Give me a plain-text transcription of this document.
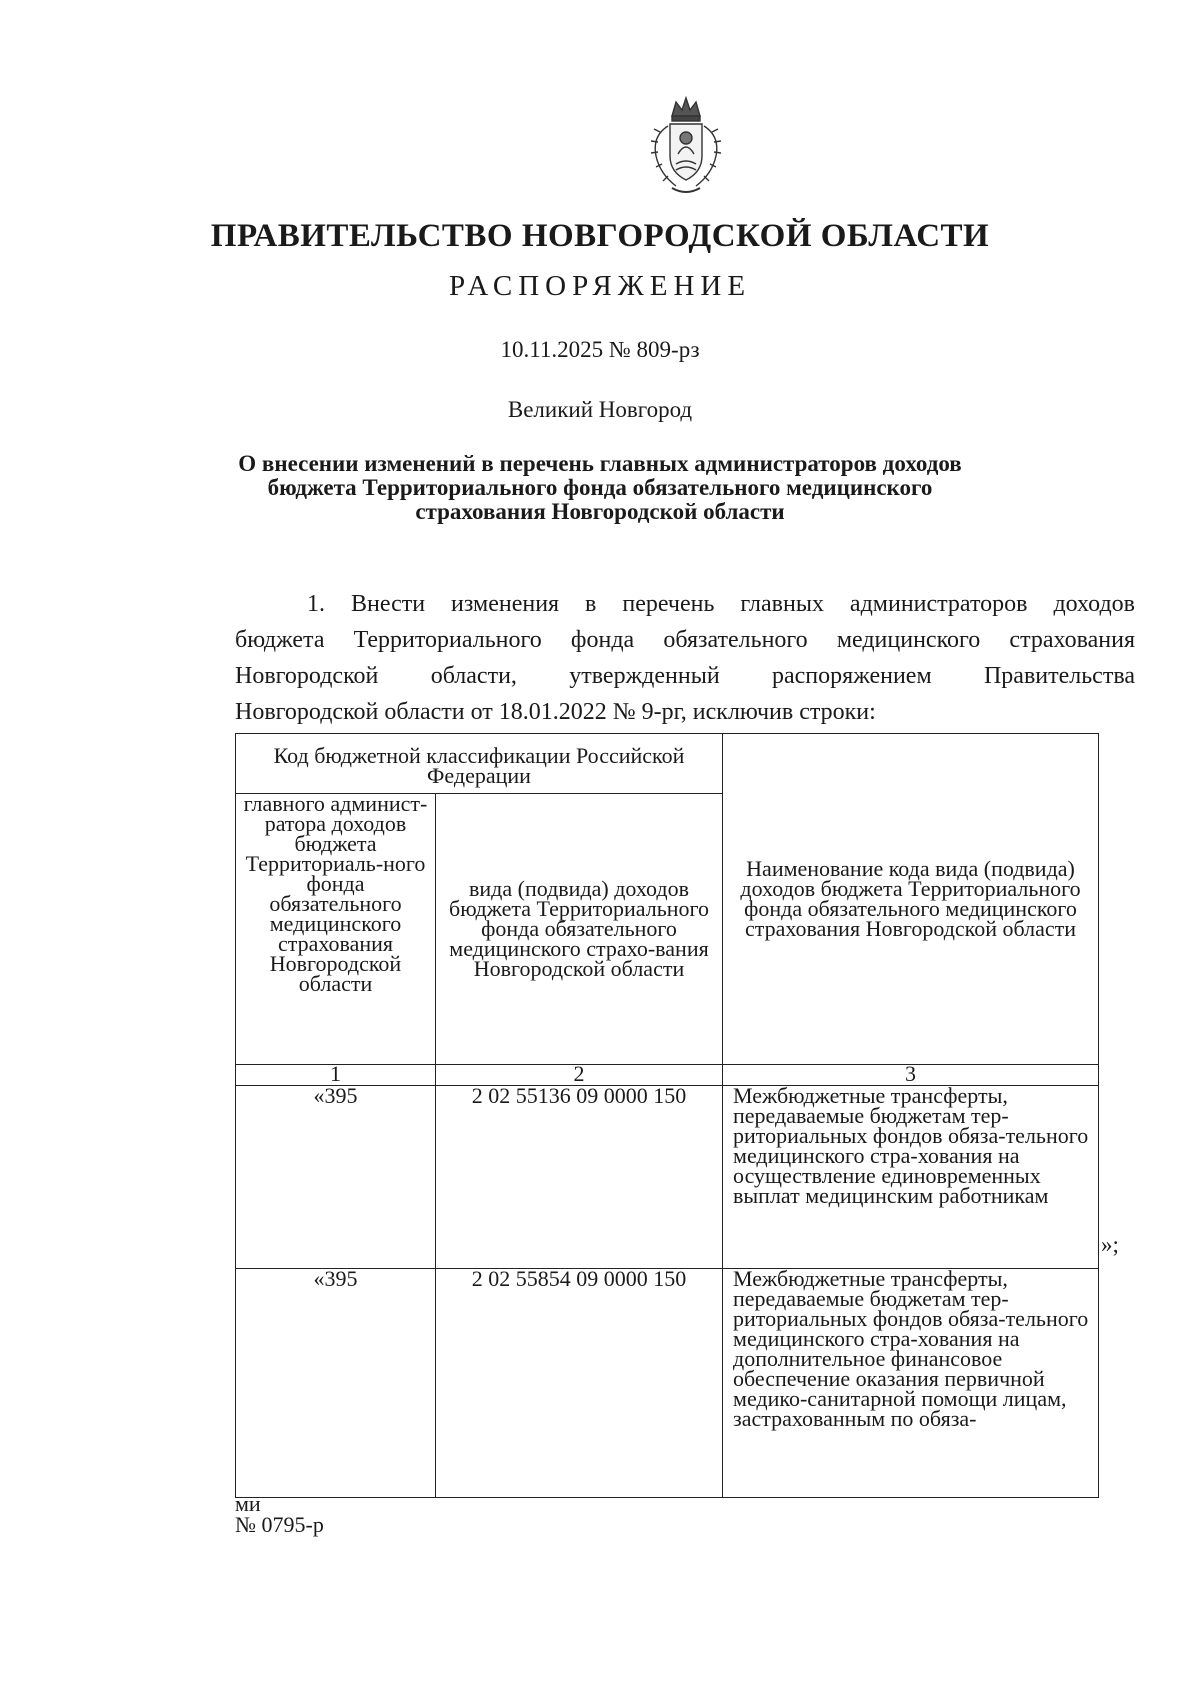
ПРАВИТЕЛЬСТВО НОВГОРОДСКОЙ ОБЛАСТИ
РАСПОРЯЖЕНИЕ
10.11.2025 № 809-рз
Великий Новгород
О внесении изменений в перечень главных администраторов доходов бюджета Территориального фонда обязательного медицинского страхования Новгородской области
1. Внести изменения в перечень главных администраторов доходов
бюджета Территориального фонда обязательного медицинского страхования
Новгородской области, утвержденный распоряжением Правительства
Новгородской области от 18.01.2022 № 9-рг, исключив строки:
Код бюджетной классификации Российской Федерации		Наименование кода вида (подвида) доходов бюджета Территориального фонда обязательного медицинского страхования Новгородской области
главного админист-ратора доходов бюджета Территориаль-ного фонда обязательного медицинского страхования Новгородской области	вида (подвида) доходов бюджета Территориального фонда обязательного медицинского страхо-вания Новгородской области	
1	2	3
«395	2 02 55136 09 0000 150	Межбюджетные трансферты, передаваемые бюджетам тер-риториальных фондов обяза-тельного медицинского стра-хования на осуществление единовременных выплат медицинским работникам
«395	2 02 55854 09 0000 150	Межбюджетные трансферты, передаваемые бюджетам тер-риториальных фондов обяза-тельного медицинского стра-хования на дополнительное финансовое обеспечение оказания первичной медико-санитарной помощи лицам, застрахованным по обяза-
»;
ми
№ 0795-р
